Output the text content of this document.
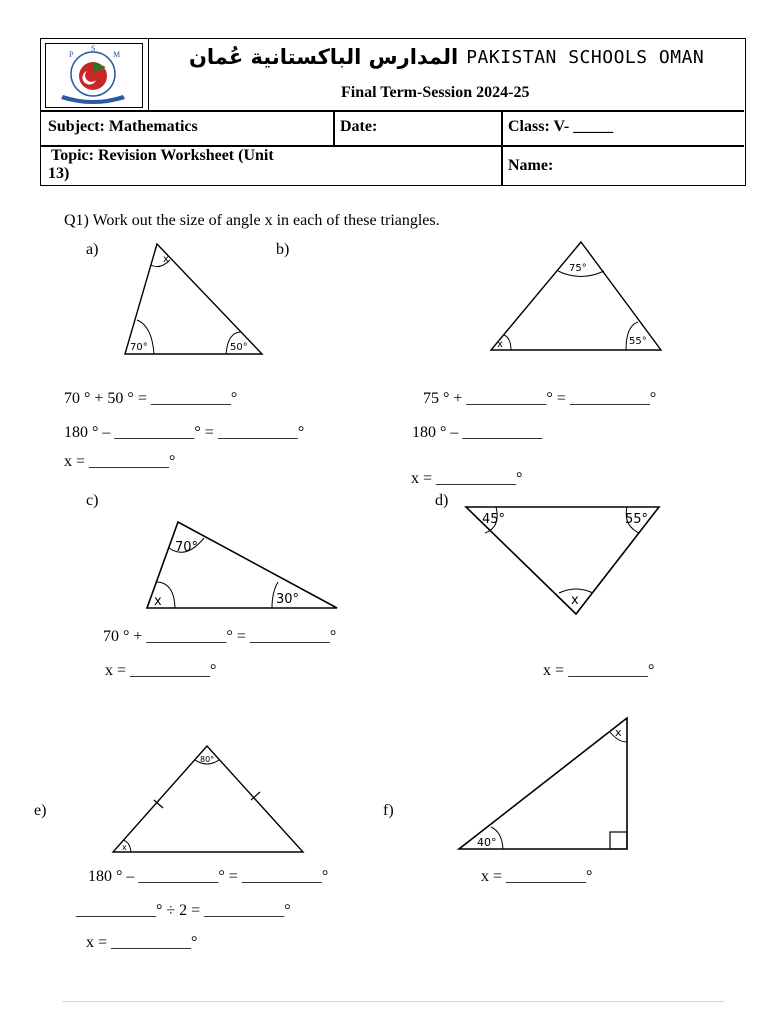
P
S
M	المدارس الباكستانية عُمان PAKISTAN SCHOOLS OMAN
Final Term-Session 2024-25
Subject: Mathematics	Date:	Class: V- _____
Topic: Revision Worksheet (Unit
13)	Name:
Q1) Work out the size of angle x in each of these triangles.
a)	b)
x
70°	50°
75°
x	55°
70 ° + 50 ° = __________°
180 ° – __________° = __________°
x = __________°
75 ° + __________° = __________°
180 ° – __________
x = __________°
c)	d)
70°
x	30°
45°	55°
x
70 ° + __________° = __________°
x = __________°	x = __________°
e)	f)
80°
x
x
40°
180 ° – __________° = __________°
__________° ÷ 2 = __________°
x = __________°
x = __________°
